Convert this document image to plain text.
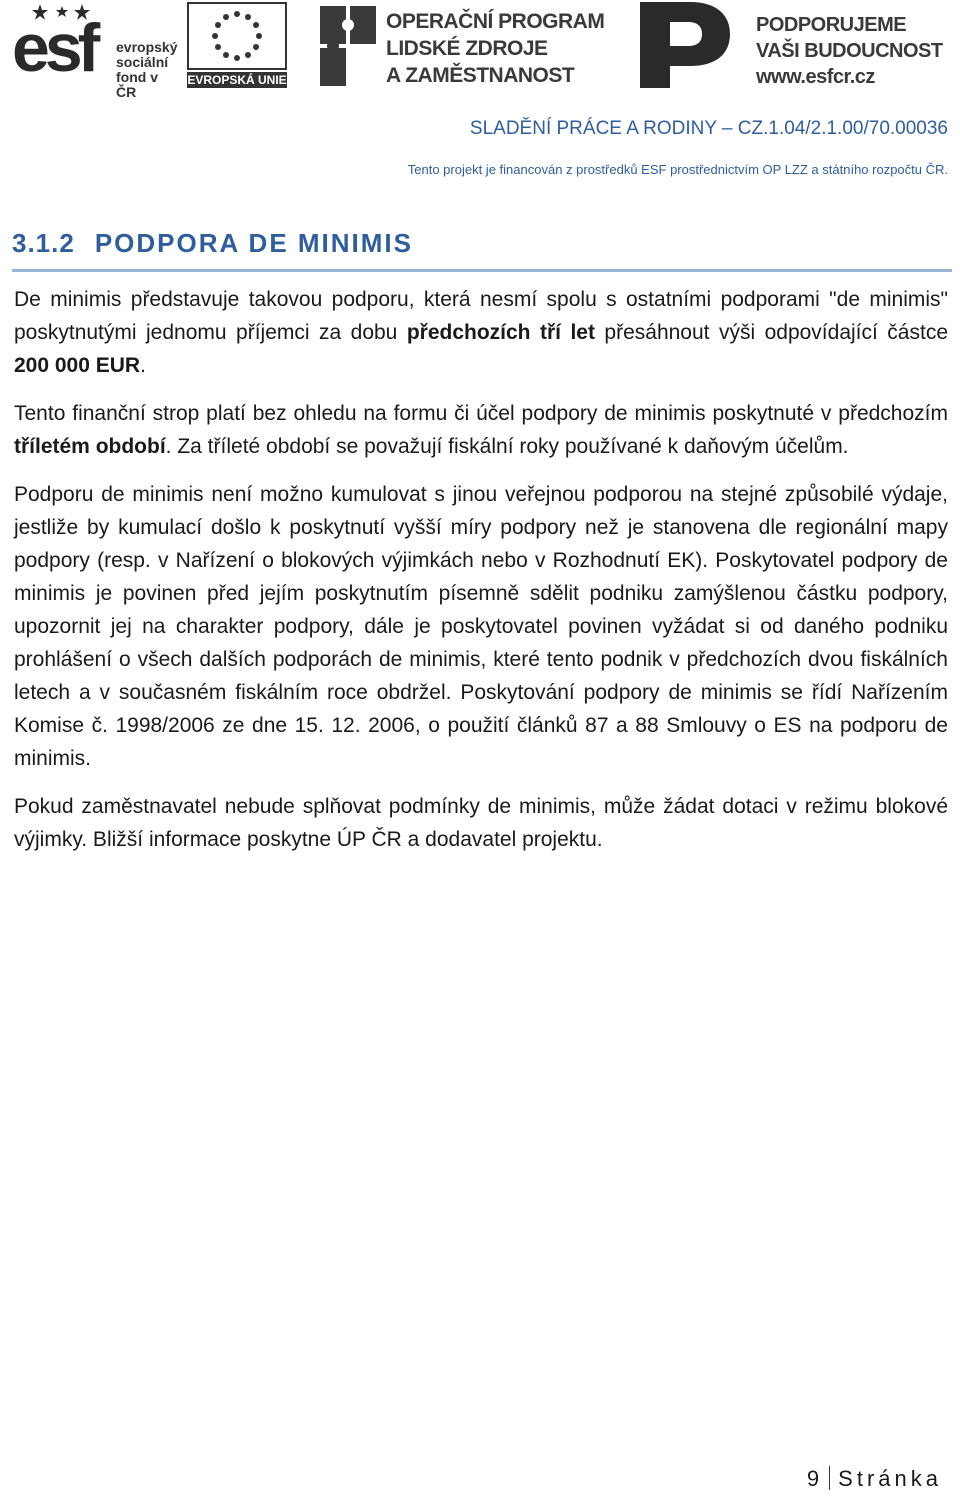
esf evropský
sociální
fond v ČR
EVROPSKÁ UNIE
OPERAČNÍ PROGRAM
LIDSKÉ ZDROJE
A ZAMĚSTNANOST
PODPORUJEME
VAŠI BUDOUCNOST
www.esfcr.cz
SLADĚNÍ PRÁCE A RODINY – CZ.1.04/2.1.00/70.00036
Tento projekt je financován z prostředků ESF prostřednictvím OP LZZ a státního rozpočtu ČR.
3.1.2 PODPORA DE MINIMIS

De minimis představuje takovou podporu, která nesmí spolu s ostatními podporami "de minimis" poskytnutými jednomu příjemci za dobu předchozích tří let přesáhnout výši odpovídající částce 200 000 EUR.

Tento finanční strop platí bez ohledu na formu či účel podpory de minimis poskytnuté v předchozím tříletém období. Za tříleté období se považují fiskální roky používané k daňovým účelům.

Podporu de minimis není možno kumulovat s jinou veřejnou podporou na stejné způsobilé výdaje, jestliže by kumulací došlo k poskytnutí vyšší míry podpory než je stanovena dle regionální mapy podpory (resp. v Nařízení o blokových výjimkách nebo v Rozhodnutí EK). Poskytovatel podpory de minimis je povinen před jejím poskytnutím písemně sdělit podniku zamýšlenou částku podpory, upozornit jej na charakter podpory, dále je poskytovatel povinen vyžádat si od daného podniku prohlášení o všech dalších podporách de minimis, které tento podnik v předchozích dvou fiskálních letech a v současném fiskálním roce obdržel. Poskytování podpory de minimis se řídí Nařízením Komise č. 1998/2006 ze dne 15. 12. 2006, o použití článků 87 a 88 Smlouvy o ES na podporu de minimis.

Pokud zaměstnavatel nebude splňovat podmínky de minimis, může žádat dotaci v režimu blokové výjimky. Bližší informace poskytne ÚP ČR a dodavatel projektu.

9 Stránka
